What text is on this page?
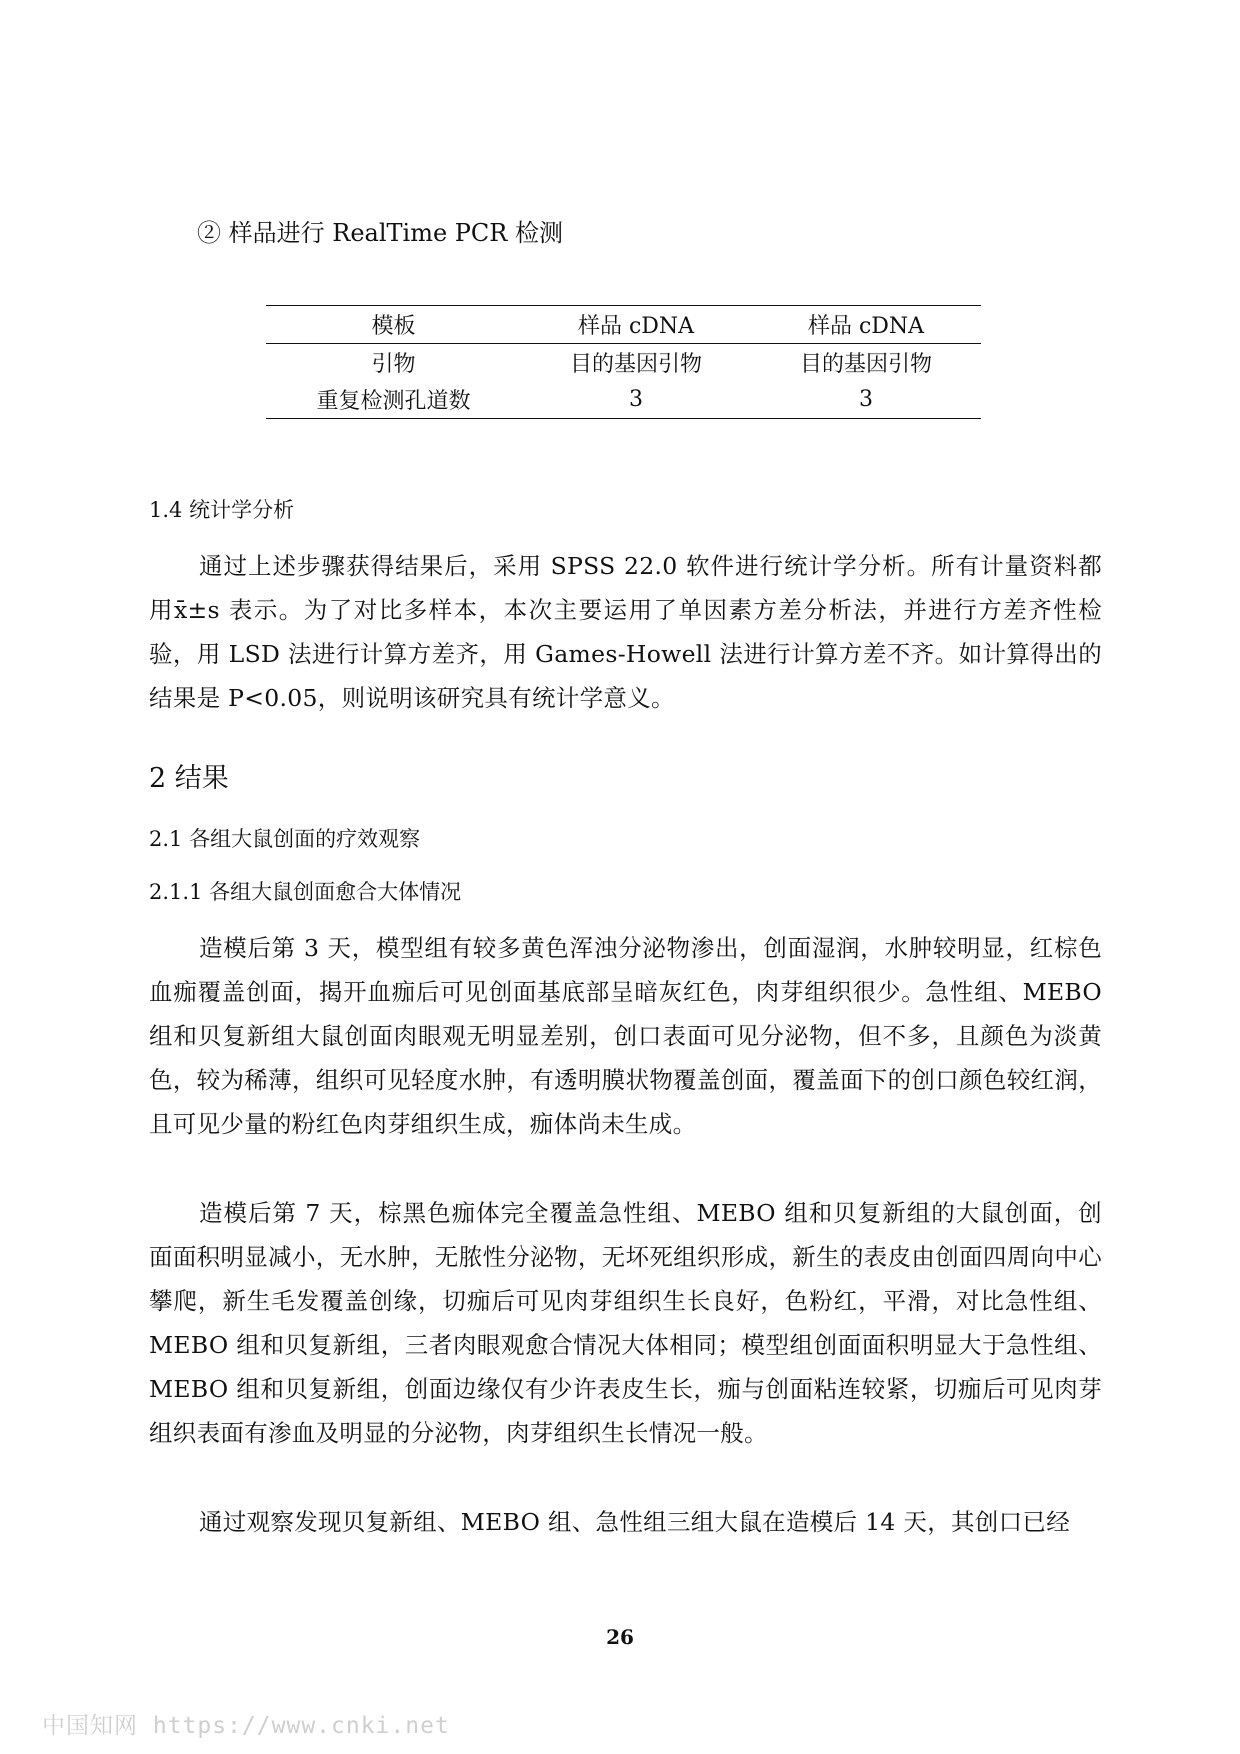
② 样品进行 RealTime PCR 检测
模板	样品 cDNA	样品 cDNA
引物	目的基因引物	目的基因引物
重复检测孔道数	3	3
1.4 统计学分析
通过上述步骤获得结果后，采用 SPSS 22.0 软件进行统计学分析。所有计量资料都用x̄±s 表示。为了对比多样本，本次主要运用了单因素方差分析法，并进行方差齐性检验，用 LSD 法进行计算方差齐，用 Games-Howell 法进行计算方差不齐。如计算得出的结果是 P<0.05，则说明该研究具有统计学意义。
2 结果
2.1 各组大鼠创面的疗效观察
2.1.1 各组大鼠创面愈合大体情况
造模后第 3 天，模型组有较多黄色浑浊分泌物渗出，创面湿润，水肿较明显，红棕色血痂覆盖创面，揭开血痂后可见创面基底部呈暗灰红色，肉芽组织很少。急性组、MEBO 组和贝复新组大鼠创面肉眼观无明显差别，创口表面可见分泌物，但不多，且颜色为淡黄色，较为稀薄，组织可见轻度水肿，有透明膜状物覆盖创面，覆盖面下的创口颜色较红润，且可见少量的粉红色肉芽组织生成，痂体尚未生成。
造模后第 7 天，棕黑色痂体完全覆盖急性组、MEBO 组和贝复新组的大鼠创面，创面面积明显减小，无水肿，无脓性分泌物，无坏死组织形成，新生的表皮由创面四周向中心攀爬，新生毛发覆盖创缘，切痂后可见肉芽组织生长良好，色粉红，平滑，对比急性组、MEBO 组和贝复新组，三者肉眼观愈合情况大体相同；模型组创面面积明显大于急性组、MEBO 组和贝复新组，创面边缘仅有少许表皮生长，痂与创面粘连较紧，切痂后可见肉芽组织表面有渗血及明显的分泌物，肉芽组织生长情况一般。
通过观察发现贝复新组、MEBO 组、急性组三组大鼠在造模后 14 天，其创口已经
26
中国知网 https://www.cnki.net
